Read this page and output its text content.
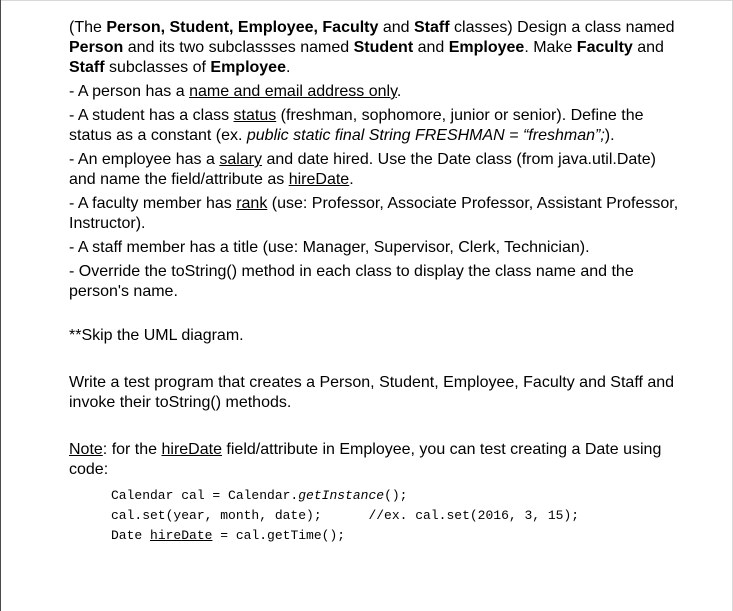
(The Person, Student, Employee, Faculty and Staff classes) Design a class named Person and its two subclassses named Student and Employee. Make Faculty and Staff subclasses of Employee.

- A person has a name and email address only.

- A student has a class status (freshman, sophomore, junior or senior). Define the status as a constant (ex. public static final String FRESHMAN = “freshman”;).

- An employee has a salary and date hired. Use the Date class (from java.util.Date) and name the field/attribute as hireDate.

- A faculty member has rank (use: Professor, Associate Professor, Assistant Professor, Instructor).

- A staff member has a title (use: Manager, Supervisor, Clerk, Technician).

- Override the toString() method in each class to display the class name and the person's name.

**Skip the UML diagram.

Write a test program that creates a Person, Student, Employee, Faculty and Staff and invoke their toString() methods.

Note: for the hireDate field/attribute in Employee, you can test creating a Date using code:

Calendar cal = Calendar.getInstance();
cal.set(year, month, date);      //ex. cal.set(2016, 3, 15);
Date hireDate = cal.getTime();
